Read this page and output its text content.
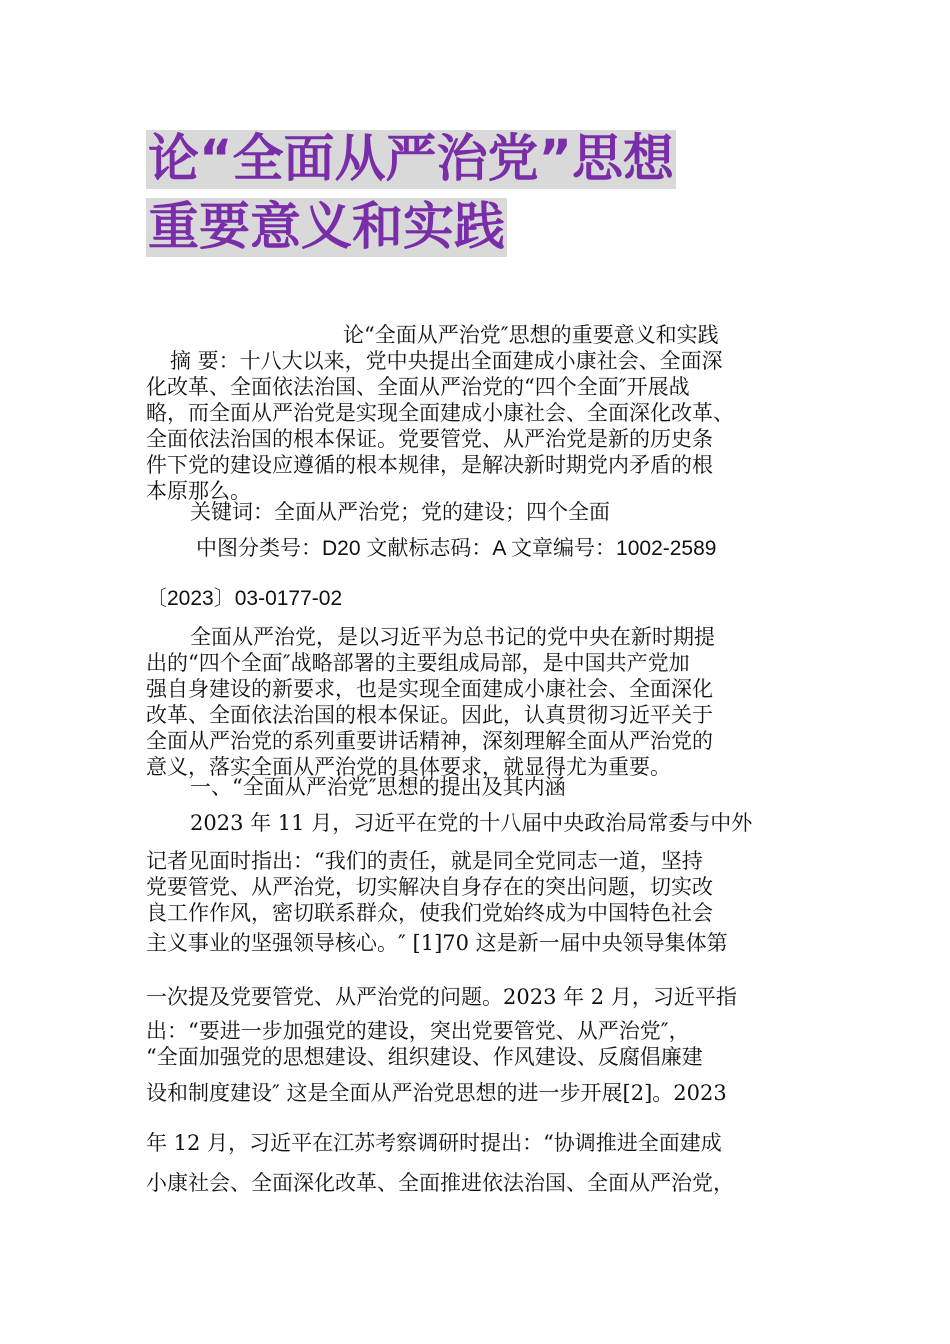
论“全面从严治党”思想
重要意义和实践
论“全面从严治党″思想的重要意义和实践
摘 要：十八大以来，党中央提出全面建成小康社会、全面深
化改革、全面依法治国、全面从严治党的“四个全面″开展战
略，而全面从严治党是实现全面建成小康社会、全面深化改革、
全面依法治国的根本保证。党要管党、从严治党是新的历史条
件下党的建设应遵循的根本规律，是解决新时期党内矛盾的根
本原那么。
关键词：全面从严治党；党的建设；四个全面
中图分类号：D20 文献标志码：A 文章编号：1002-2589
〔2023〕03-0177-02
全面从严治党，是以习近平为总书记的党中央在新时期提
出的“四个全面″战略部署的主要组成局部，是中国共产党加
强自身建设的新要求，也是实现全面建成小康社会、全面深化
改革、全面依法治国的根本保证。因此，认真贯彻习近平关于
全面从严治党的系列重要讲话精神，深刻理解全面从严治党的
意义，落实全面从严治党的具体要求，就显得尤为重要。
一、“全面从严治党″思想的提出及其内涵
2023 年 11 月，习近平在党的十八届中央政治局常委与中外
记者见面时指出：“我们的责任，就是同全党同志一道，坚持
党要管党、从严治党，切实解决自身存在的突出问题，切实改
良工作作风，密切联系群众，使我们党始终成为中国特色社会
主义事业的坚强领导核心。″ [1]70 这是新一届中央领导集体第
一次提及党要管党、从严治党的问题。2023 年 2 月，习近平指
出：“要进一步加强党的建设，突出党要管党、从严治党″，
“全面加强党的思想建设、组织建设、作风建设、反腐倡廉建
设和制度建设″ 这是全面从严治党思想的进一步开展[2]。2023
年 12 月，习近平在江苏考察调研时提出：“协调推进全面建成
小康社会、全面深化改革、全面推进依法治国、全面从严治党，
